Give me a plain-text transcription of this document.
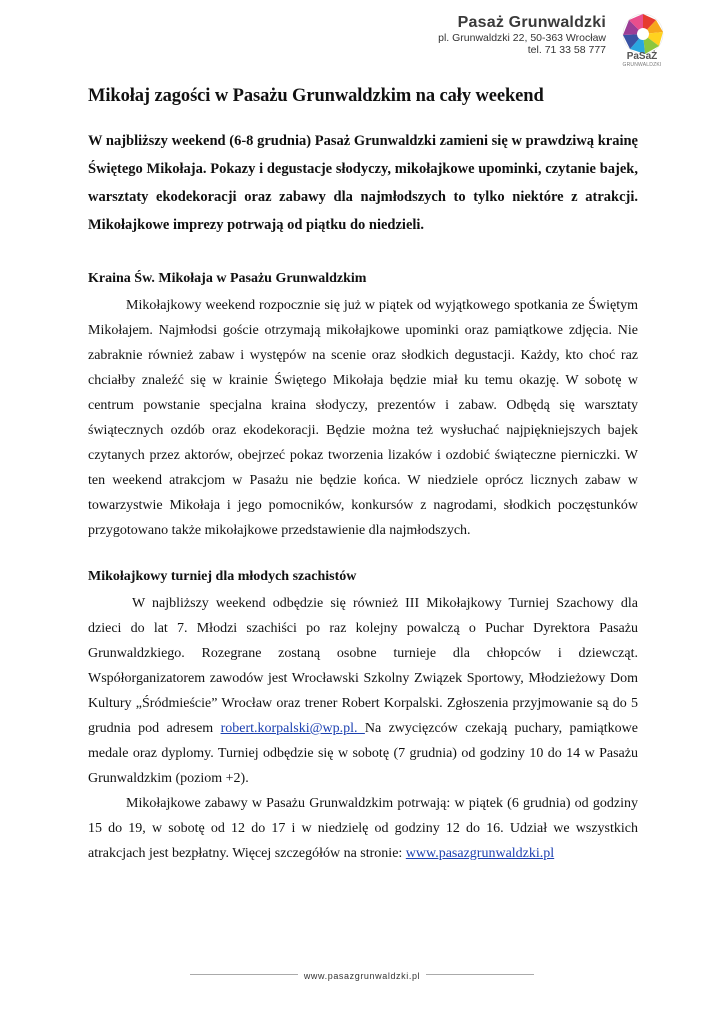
Pasaż Grunwaldzki
pl. Grunwaldzki 22, 50-363 Wrocław
tel. 71 33 58 777
PaSaŻ
GRUNWALDZKI
Mikołaj zagości w Pasażu Grunwaldzkim na cały weekend

W najbliższy weekend (6-8 grudnia) Pasaż Grunwaldzki zamieni się w prawdziwą krainę Świętego Mikołaja. Pokazy i degustacje słodyczy, mikołajkowe upominki, czytanie bajek, warsztaty ekodekoracji oraz zabawy dla najmłodszych to tylko niektóre z atrakcji. Mikołajkowe imprezy potrwają od piątku do niedzieli.

Kraina Św. Mikołaja w Pasażu Grunwaldzkim

Mikołajkowy weekend rozpocznie się już w piątek od wyjątkowego spotkania ze Świętym Mikołajem. Najmłodsi goście otrzymają mikołajkowe upominki oraz pamiątkowe zdjęcia. Nie zabraknie również zabaw i występów na scenie oraz słodkich degustacji. Każdy, kto choć raz chciałby znaleźć się w krainie Świętego Mikołaja będzie miał ku temu okazję. W sobotę w centrum powstanie specjalna kraina słodyczy, prezentów i zabaw. Odbędą się warsztaty świątecznych ozdób oraz ekodekoracji. Będzie można też wysłuchać najpiękniejszych bajek czytanych przez aktorów, obejrzeć pokaz tworzenia lizaków i ozdobić świąteczne pierniczki. W ten weekend atrakcjom w Pasażu nie będzie końca. W niedziele oprócz licznych zabaw w towarzystwie Mikołaja i jego pomocników, konkursów z nagrodami, słodkich poczęstunków przygotowano także mikołajkowe przedstawienie dla najmłodszych.

Mikołajkowy turniej dla młodych szachistów

W najbliższy weekend odbędzie się również III Mikołajkowy Turniej Szachowy dla dzieci do lat 7. Młodzi szachiści po raz kolejny powalczą o Puchar Dyrektora Pasażu Grunwaldzkiego. Rozegrane zostaną osobne turnieje dla chłopców i dziewcząt. Współorganizatorem zawodów jest Wrocławski Szkolny Związek Sportowy, Młodzieżowy Dom Kultury „Śródmieście” Wrocław oraz trener Robert Korpalski. Zgłoszenia przyjmowanie są do 5 grudnia pod adresem robert.korpalski@wp.pl. Na zwycięzców czekają puchary, pamiątkowe medale oraz dyplomy. Turniej odbędzie się w sobotę (7 grudnia) od godziny 10 do 14 w Pasażu Grunwaldzkim (poziom +2).

Mikołajkowe zabawy w Pasażu Grunwaldzkim potrwają: w piątek (6 grudnia) od godziny 15 do 19, w sobotę od 12 do 17 i w niedzielę od godziny 12 do 16. Udział we wszystkich atrakcjach jest bezpłatny. Więcej szczegółów na stronie: www.pasazgrunwaldzki.pl

www.pasazgrunwaldzki.pl
